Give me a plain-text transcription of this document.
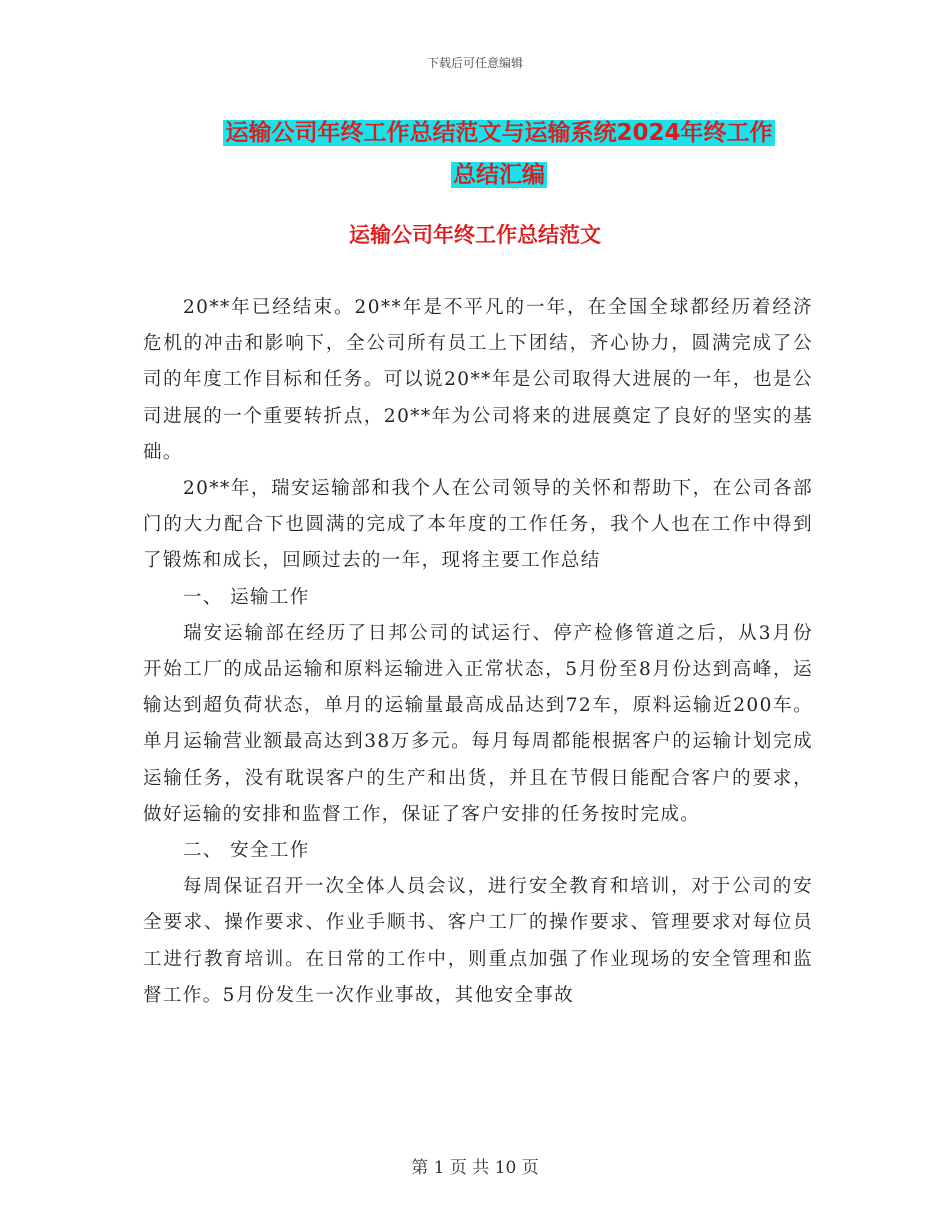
下载后可任意编辑
运输公司年终工作总结范文与运输系统2024年终工作
总结汇编
运输公司年终工作总结范文

20**年已经结束。20**年是不平凡的一年，在全国全球都经历着经济危机的冲击和影响下，全公司所有员工上下团结，齐心协力，圆满完成了公司的年度工作目标和任务。可以说20**年是公司取得大进展的一年，也是公司进展的一个重要转折点，20**年为公司将来的进展奠定了良好的坚实的基础。

20**年，瑞安运输部和我个人在公司领导的关怀和帮助下，在公司各部门的大力配合下也圆满的完成了本年度的工作任务，我个人也在工作中得到了锻炼和成长，回顾过去的一年，现将主要工作总结

一、 运输工作

瑞安运输部在经历了日邦公司的试运行、停产检修管道之后，从3月份开始工厂的成品运输和原料运输进入正常状态，5月份至8月份达到高峰，运输达到超负荷状态，单月的运输量最高成品达到72车，原料运输近200车。单月运输营业额最高达到38万多元。每月每周都能根据客户的运输计划完成运输任务，没有耽误客户的生产和出货，并且在节假日能配合客户的要求，做好运输的安排和监督工作，保证了客户安排的任务按时完成。

二、 安全工作

每周保证召开一次全体人员会议，进行安全教育和培训，对于公司的安全要求、操作要求、作业手顺书、客户工厂的操作要求、管理要求对每位员工进行教育培训。在日常的工作中，则重点加强了作业现场的安全管理和监督工作。5月份发生一次作业事故，其他安全事故

第 1 页 共 10 页
